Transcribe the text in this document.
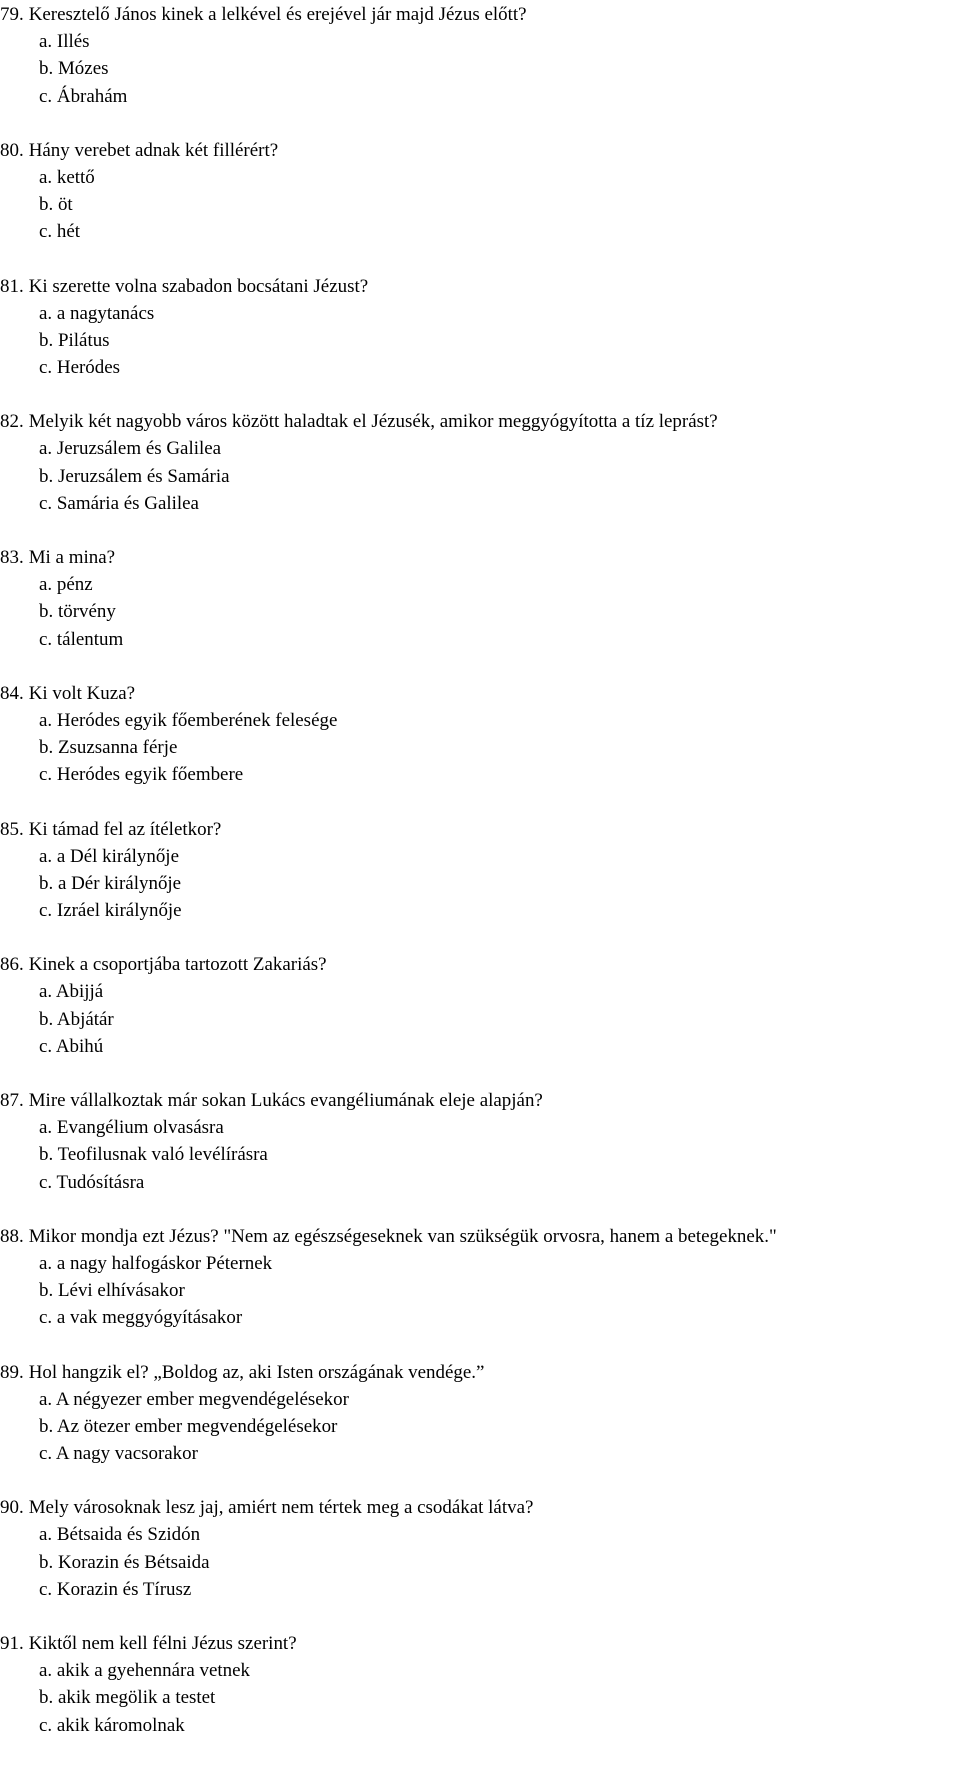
79. Keresztelő János kinek a lelkével és erejével jár majd Jézus előtt?
a. Illés
b. Mózes
c. Ábrahám
80. Hány verebet adnak két fillérért?
a. kettő
b. öt
c. hét
81. Ki szerette volna szabadon bocsátani Jézust?
a. a nagytanács
b. Pilátus
c. Heródes
82. Melyik két nagyobb város között haladtak el Jézusék, amikor meggyógyította a tíz leprást?
a. Jeruzsálem és Galilea
b. Jeruzsálem és Samária
c. Samária és Galilea
83. Mi a mina?
a. pénz
b. törvény
c. tálentum
84. Ki volt Kuza?
a. Heródes egyik főemberének felesége
b. Zsuzsanna férje
c. Heródes egyik főembere
85. Ki támad fel az ítéletkor?
a. a Dél királynője
b. a Dér királynője
c. Izráel királynője
86. Kinek a csoportjába tartozott Zakariás?
a. Abijjá
b. Abjátár
c. Abihú
87. Mire vállalkoztak már sokan Lukács evangéliumának eleje alapján?
a. Evangélium olvasásra
b. Teofilusnak való levélírásra
c. Tudósításra
88. Mikor mondja ezt Jézus? "Nem az egészségeseknek van szükségük orvosra, hanem a betegeknek."
a. a nagy halfogáskor Péternek
b. Lévi elhívásakor
c. a vak meggyógyításakor
89. Hol hangzik el? „Boldog az, aki Isten országának vendége.”
a. A négyezer ember megvendégelésekor
b. Az ötezer ember megvendégelésekor
c. A nagy vacsorakor
90. Mely városoknak lesz jaj, amiért nem tértek meg a csodákat látva?
a. Bétsaida és Szidón
b. Korazin és Bétsaida
c. Korazin és Tírusz
91. Kiktől nem kell félni Jézus szerint?
a. akik a gyehennára vetnek
b. akik megölik a testet
c. akik káromolnak
